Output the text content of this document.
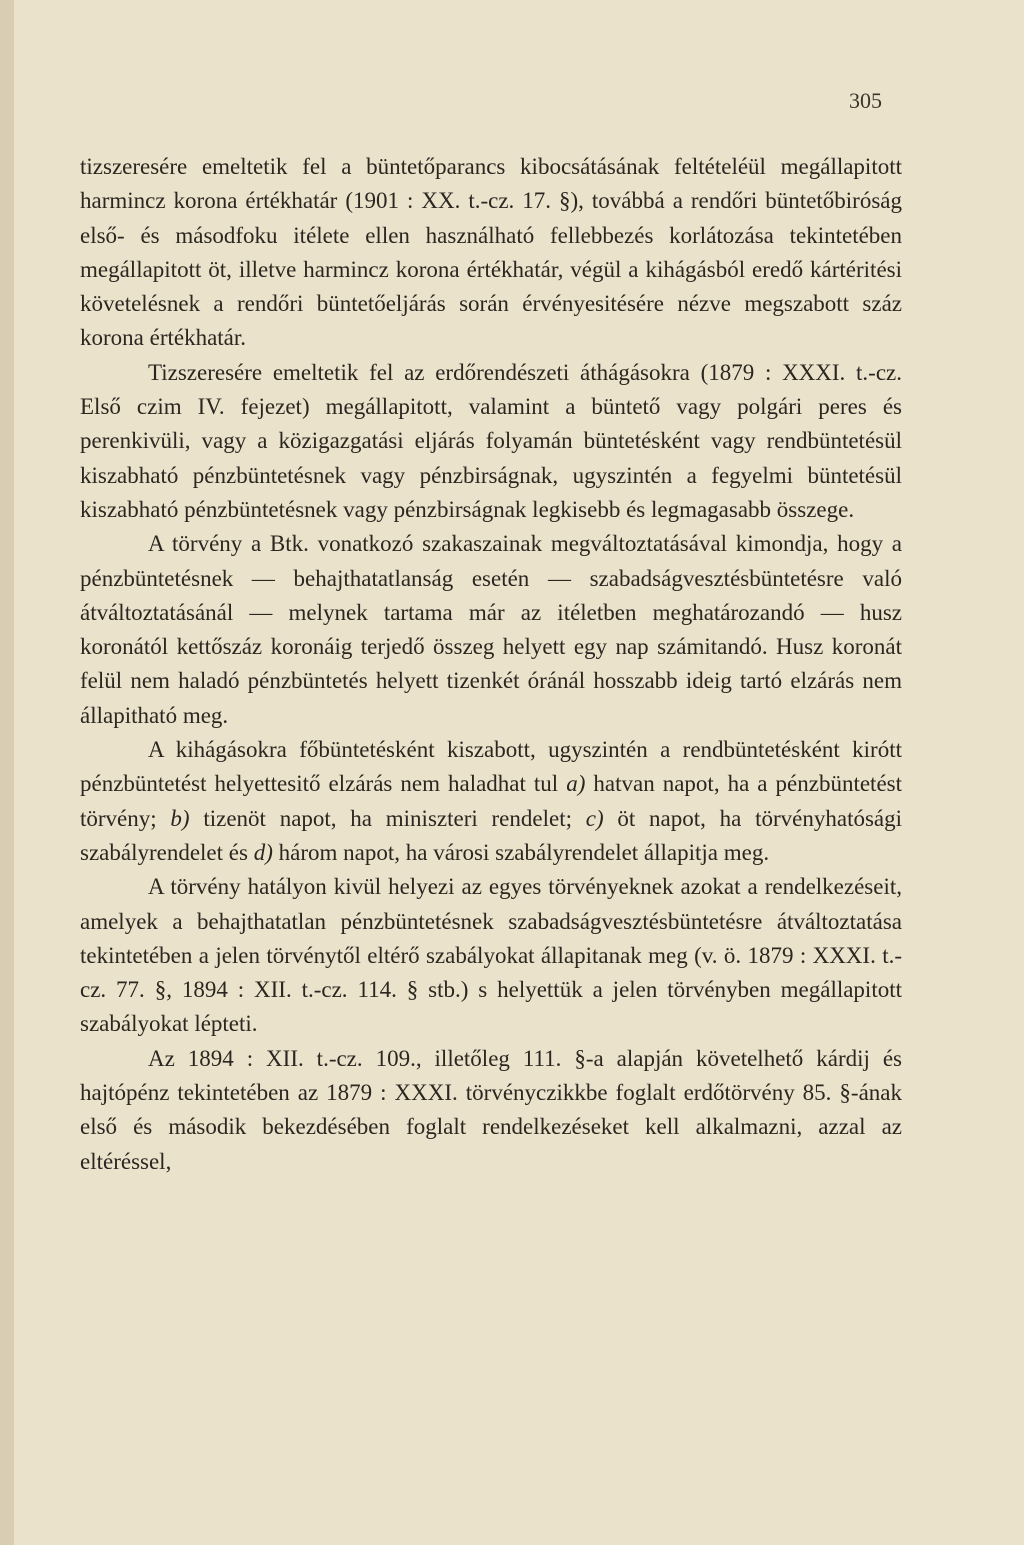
305

tizszeresére emeltetik fel a büntetőparancs kibocsátásának feltételéül megállapitott harmincz korona értékhatár (1901 : XX. t.-cz. 17. §), továbbá a rendőri büntetőbiróság első- és másodfoku itélete ellen használható fellebbezés korlátozása tekintetében megállapitott öt, illetve harmincz korona értékhatár, végül a kihágásból eredő kártéritési követelésnek a rendőri büntetőeljárás során érvényesitésére nézve megszabott száz korona értékhatár.

Tizszeresére emeltetik fel az erdőrendészeti áthágásokra (1879 : XXXI. t.-cz. Első czim IV. fejezet) megállapitott, valamint a büntető vagy polgári peres és perenkivüli, vagy a közigazgatási eljárás folyamán büntetésként vagy rendbüntetésül kiszabható pénzbüntetésnek vagy pénzbirságnak, ugyszintén a fegyelmi büntetésül kiszabható pénzbüntetésnek vagy pénzbirságnak legkisebb és legmagasabb összege.

A törvény a Btk. vonatkozó szakaszainak megváltoztatásával kimondja, hogy a pénzbüntetésnek — behajthatatlanság esetén — szabadságvesztésbüntetésre való átváltoztatásánál — melynek tartama már az itéletben meghatározandó — husz koronától kettőszáz koronáig terjedő összeg helyett egy nap számitandó. Husz koronát felül nem haladó pénzbüntetés helyett tizenkét óránál hosszabb ideig tartó elzárás nem állapitható meg.

A kihágásokra főbüntetésként kiszabott, ugyszintén a rendbüntetésként kirótt pénzbüntetést helyettesitő elzárás nem haladhat tul a) hatvan napot, ha a pénzbüntetést törvény; b) tizenöt napot, ha miniszteri rendelet; c) öt napot, ha törvényhatósági szabályrendelet és d) három napot, ha városi szabályrendelet állapitja meg.

A törvény hatályon kivül helyezi az egyes törvényeknek azokat a rendelkezéseit, amelyek a behajthatatlan pénzbüntetésnek szabadságvesztésbüntetésre átváltoztatása tekintetében a jelen törvénytől eltérő szabályokat állapitanak meg (v. ö. 1879 : XXXI. t.-cz. 77. §, 1894 : XII. t.-cz. 114. § stb.) s helyettük a jelen törvényben megállapitott szabályokat lépteti.

Az 1894 : XII. t.-cz. 109., illetőleg 111. §-a alapján követelhető kárdij és hajtópénz tekintetében az 1879 : XXXI. törvényczikkbe foglalt erdőtörvény 85. §-ának első és második bekezdésében foglalt rendelkezéseket kell alkalmazni, azzal az eltéréssel,
